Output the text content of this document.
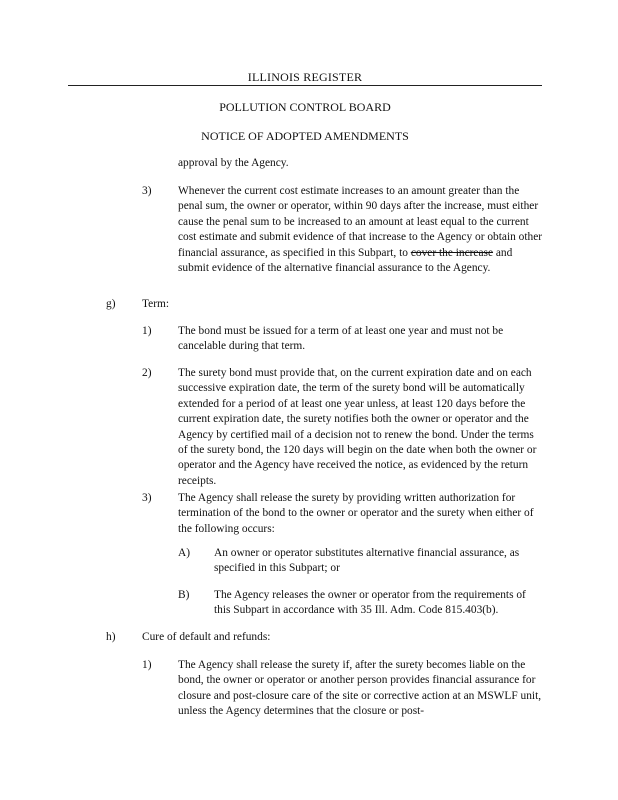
ILLINOIS REGISTER
POLLUTION CONTROL BOARD
NOTICE OF ADOPTED AMENDMENTS
approval by the Agency.
3) Whenever the current cost estimate increases to an amount greater than the penal sum, the owner or operator, within 90 days after the increase, must either cause the penal sum to be increased to an amount at least equal to the current cost estimate and submit evidence of that increase to the Agency or obtain other financial assurance, as specified in this Subpart, to cover the increase and submit evidence of the alternative financial assurance to the Agency.
g) Term:
1) The bond must be issued for a term of at least one year and must not be cancelable during that term.
2) The surety bond must provide that, on the current expiration date and on each successive expiration date, the term of the surety bond will be automatically extended for a period of at least one year unless, at least 120 days before the current expiration date, the surety notifies both the owner or operator and the Agency by certified mail of a decision not to renew the bond. Under the terms of the surety bond, the 120 days will begin on the date when both the owner or operator and the Agency have received the notice, as evidenced by the return receipts.
3) The Agency shall release the surety by providing written authorization for termination of the bond to the owner or operator and the surety when either of the following occurs:
A) An owner or operator substitutes alternative financial assurance, as specified in this Subpart; or
B) The Agency releases the owner or operator from the requirements of this Subpart in accordance with 35 Ill. Adm. Code 815.403(b).
h) Cure of default and refunds:
1) The Agency shall release the surety if, after the surety becomes liable on the bond, the owner or operator or another person provides financial assurance for closure and post-closure care of the site or corrective action at an MSWLF unit, unless the Agency determines that the closure or post-
